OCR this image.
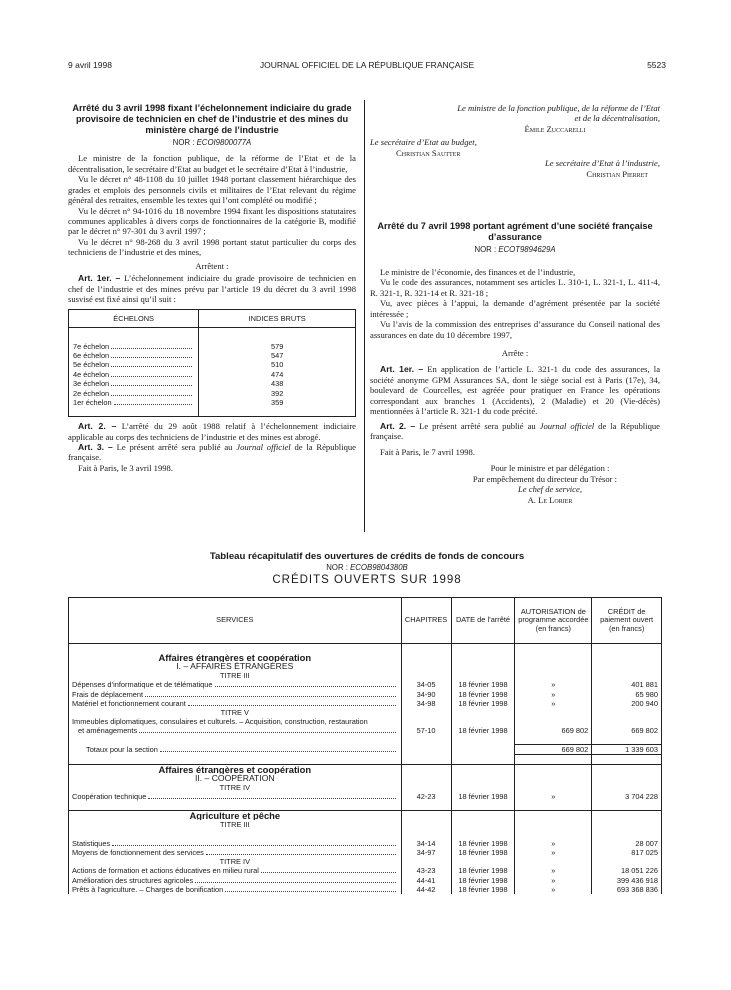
9 avril 1998	JOURNAL OFFICIEL DE LA RÉPUBLIQUE FRANÇAISE	5523
Arrêté du 3 avril 1998 fixant l’échelonnement indiciaire du grade provisoire de technicien en chef de l’industrie et des mines du ministère chargé de l’industrie
NOR : ECOI9800077A

Le ministre de la fonction publique, de la réforme de l’Etat et de la décentralisation, le secrétaire d’Etat au budget et le secrétaire d’Etat à l’industrie,

Vu le décret n° 48-1108 du 10 juillet 1948 portant classement hiérarchique des grades et emplois des personnels civils et militaires de l’Etat relevant du régime général des retraites, ensemble les textes qui l’ont complété ou modifié ;

Vu le décret n° 94-1016 du 18 novembre 1994 fixant les dispositions statutaires communes applicables à divers corps de fonctionnaires de la catégorie B, modifié par le décret n° 97-301 du 3 avril 1997 ;

Vu le décret n° 98-268 du 3 avril 1998 portant statut particulier du corps des techniciens de l’industrie et des mines,

Arrêtent :

Art. 1er. – L’échelonnement indiciaire du grade provisoire de technicien en chef de l’industrie et des mines prévu par l’article 19 du décret du 3 avril 1998 susvisé est fixé ainsi qu’il suit :

ÉCHELONS	INDICES BRUTS

7e échelon	579

6e échelon	547

5e échelon	510

4e échelon	474

3e échelon	438

2e échelon	392

1er échelon	359

Art. 2. – L’arrêté du 29 août 1988 relatif à l’échelonnement indiciaire applicable au corps des techniciens de l’industrie et des mines est abrogé.

Art. 3. – Le présent arrêté sera publié au Journal officiel de la République française.

Fait à Paris, le 3 avril 1998.

Le ministre de la fonction publique, de la réforme de l’Etat et de la décentralisation,

Émile Zuccarelli

Le secrétaire d’Etat au budget,

Christian Sautter

Le secrétaire d’Etat à l’industrie,

Christian Pierret

Arrêté du 7 avril 1998 portant agrément d’une société française d’assurance
NOR : ECOT9894629A

Le ministre de l’économie, des finances et de l’industrie,

Vu le code des assurances, notamment ses articles L. 310-1, L. 321-1, L. 411-4, R. 321-1, R. 321-14 et R. 321-18 ;

Vu, avec pièces à l’appui, la demande d’agrément présentée par la société intéressée ;

Vu l’avis de la commission des entreprises d’assurance du Conseil national des assurances en date du 10 décembre 1997,

Arrête :

Art. 1er. – En application de l’article L. 321-1 du code des assurances, la société anonyme GPM Assurances SA, dont le siège social est à Paris (17e), 34, boulevard de Courcelles, est agréée pour pratiquer en France les opérations correspondant aux branches 1 (Accidents), 2 (Maladie) et 20 (Vie-décès) mentionnées à l’article R. 321-1 du code précité.

Art. 2. – Le présent arrêté sera publié au Journal officiel de la République française.

Fait à Paris, le 7 avril 1998.

Pour le ministre et par délégation :

Par empêchement du directeur du Trésor :

Le chef de service,

A. Le Lorier

Tableau récapitulatif des ouvertures de crédits de fonds de concours
NOR : ECOB9804380B
CRÉDITS OUVERTS SUR 1998
SERVICES	CHAPITRES	DATE de l’arrêté	AUTORISATION de programme accordée (en francs)	CRÉDIT de paiement ouvert (en francs)

Affaires étrangères et coopération				
I. – AFFAIRES ÉTRANGÈRES				
TITRE III				

Dépenses d’informatique et de télématique	34-05	18 février 1998	»	401 881

Frais de déplacement	34-90	18 février 1998	»	65 980

Matériel et fonctionnement courant	34-98	18 février 1998	»	200 940
TITRE V				
Immeubles diplomatiques, consulaires et culturels. – Acquisition, construction, restauration				

et aménagements	57-10	18 février 1998	669 802	669 802

Totaux pour la section			669 802	1 339 603

Affaires étrangères et coopération				
II. – COOPÉRATION				
TITRE IV				

Coopération technique	42-23	18 février 1998	»	3 704 228

Agriculture et pêche				
TITRE III				

Statistiques	34-14	18 février 1998	»	28 007

Moyens de fonctionnement des services	34-97	18 février 1998	»	817 025
TITRE IV				

Actions de formation et actions éducatives en milieu rural	43-23	18 février 1998	»	18 051 226

Amélioration des structures agricoles	44-41	18 février 1998	»	399 436 918

Prêts à l’agriculture. – Charges de bonification	44-42	18 février 1998	»	693 368 836
